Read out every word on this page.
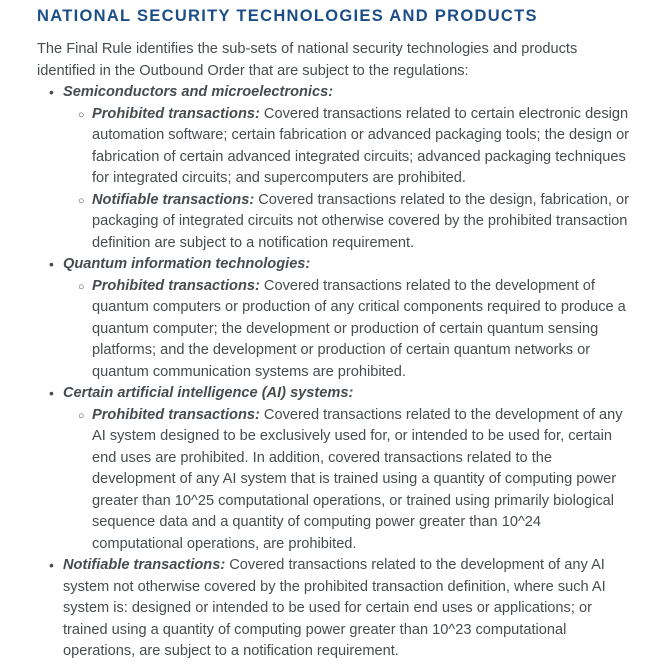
NATIONAL SECURITY TECHNOLOGIES AND PRODUCTS

The Final Rule identifies the sub-sets of national security technologies and products identified in the Outbound Order that are subject to the regulations:

• Semiconductors and microelectronics:
○ Prohibited transactions: Covered transactions related to certain electronic design automation software; certain fabrication or advanced packaging tools; the design or fabrication of certain advanced integrated circuits; advanced packaging techniques for integrated circuits; and supercomputers are prohibited.
○ Notifiable transactions: Covered transactions related to the design, fabrication, or packaging of integrated circuits not otherwise covered by the prohibited transaction definition are subject to a notification requirement.
• Quantum information technologies:
○ Prohibited transactions: Covered transactions related to the development of quantum computers or production of any critical components required to produce a quantum computer; the development or production of certain quantum sensing platforms; and the development or production of certain quantum networks or quantum communication systems are prohibited.
• Certain artificial intelligence (AI) systems:
○ Prohibited transactions: Covered transactions related to the development of any AI system designed to be exclusively used for, or intended to be used for, certain end uses are prohibited. In addition, covered transactions related to the development of any AI system that is trained using a quantity of computing power greater than 10^25 computational operations, or trained using primarily biological sequence data and a quantity of computing power greater than 10^24 computational operations, are prohibited.
• Notifiable transactions: Covered transactions related to the development of any AI system not otherwise covered by the prohibited transaction definition, where such AI system is: designed or intended to be used for certain end uses or applications; or trained using a quantity of computing power greater than 10^23 computational operations, are subject to a notification requirement.
